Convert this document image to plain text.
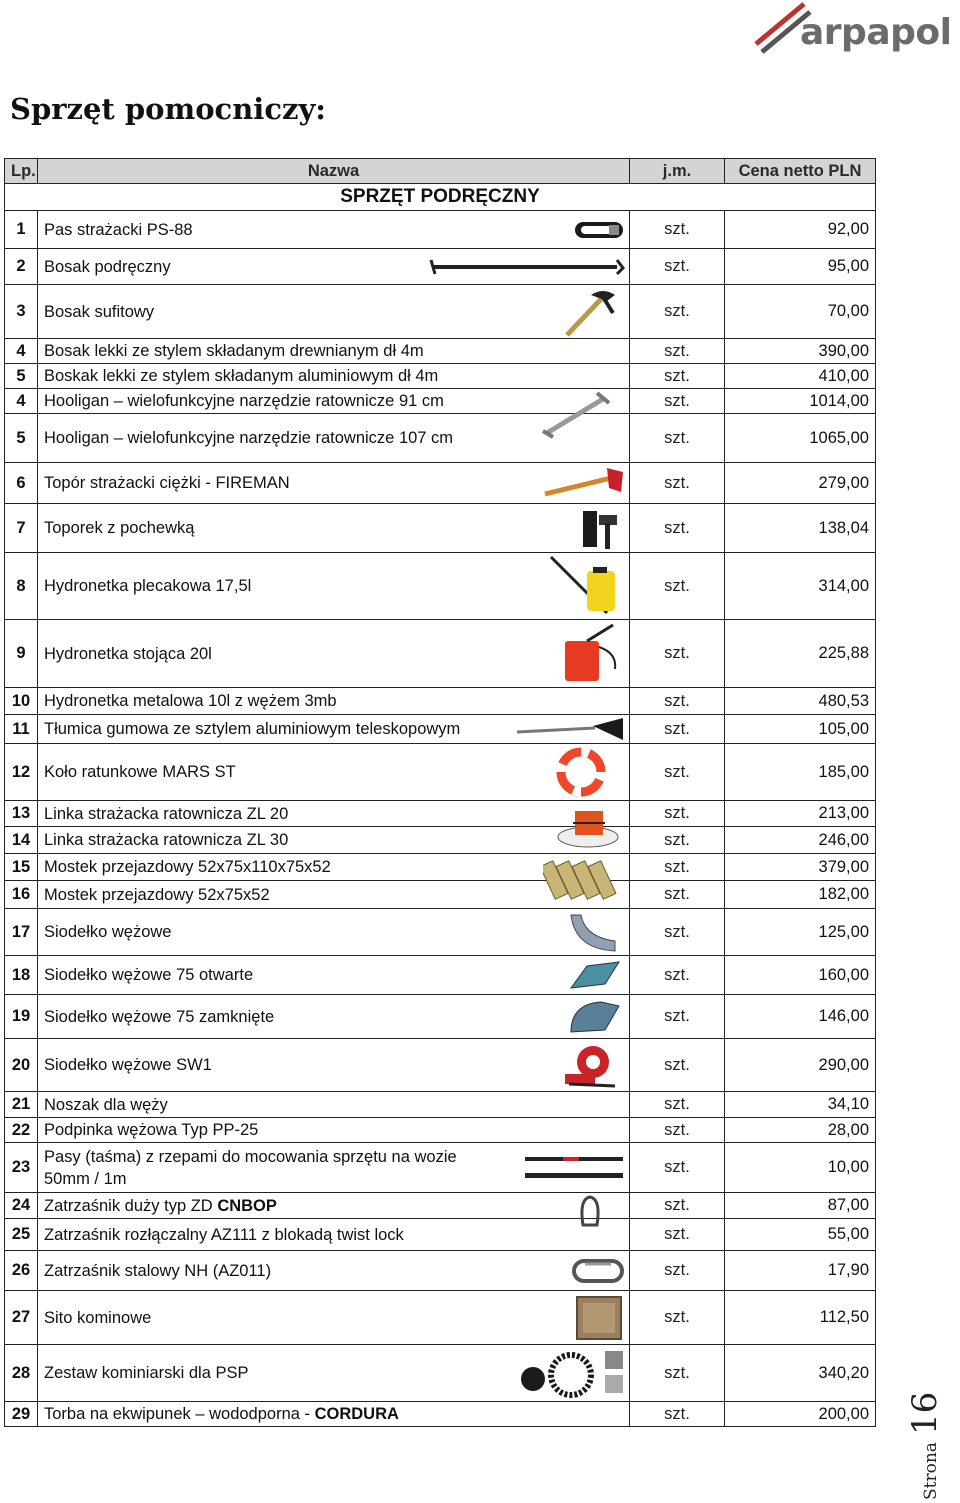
arpapol
Sprzęt pomocniczy:
Lp.	Nazwa	j.m.	Cena netto PLN
SPRZĘT PODRĘCZNY			
1	Pas strażacki PS-88	szt.	92,00
2	Bosak podręczny	szt.	95,00
3	Bosak sufitowy	szt.	70,00
4	Bosak lekki ze stylem składanym drewnianym dł 4m	szt.	390,00
5	Boskak lekki ze stylem składanym aluminiowym dł 4m	szt.	410,00
4	Hooligan – wielofunkcyjne narzędzie ratownicze 91 cm	szt.	1014,00
5	Hooligan – wielofunkcyjne narzędzie ratownicze 107 cm	szt.	1065,00
6	Topór strażacki ciężki - FIREMAN	szt.	279,00
7	Toporek z pochewką	szt.	138,04
8	Hydronetka plecakowa 17,5l	szt.	314,00
9	Hydronetka stojąca 20l	szt.	225,88
10	Hydronetka metalowa 10l z wężem 3mb	szt.	480,53
11	Tłumica gumowa ze sztylem aluminiowym teleskopowym	szt.	105,00
12	Koło ratunkowe MARS ST	szt.	185,00
13	Linka strażacka ratownicza ZL 20	szt.	213,00
14	Linka strażacka ratownicza ZL 30	szt.	246,00
15	Mostek przejazdowy 52x75x110x75x52	szt.	379,00
16	Mostek przejazdowy 52x75x52	szt.	182,00
17	Siodełko wężowe	szt.	125,00
18	Siodełko wężowe 75 otwarte	szt.	160,00
19	Siodełko wężowe 75 zamknięte	szt.	146,00
20	Siodełko wężowe SW1	szt.	290,00
21	Noszak dla węży	szt.	34,10
22	Podpinka wężowa Typ PP-25	szt.	28,00
23	Pasy (taśma) z rzepami do mocowania sprzętu na wozie
50mm / 1m	szt.	10,00
24	Zatrzaśnik duży typ ZD CNBOP	szt.	87,00
25	Zatrzaśnik rozłączalny AZ111 z blokadą twist lock	szt.	55,00
26	Zatrzaśnik stalowy NH (AZ011)	szt.	17,90
27	Sito kominowe	szt.	112,50
28	Zestaw kominiarski dla PSP	szt.	340,20
29	Torba na ekwipunek – wododporna - CORDURA	szt.	200,00
Strona 16
